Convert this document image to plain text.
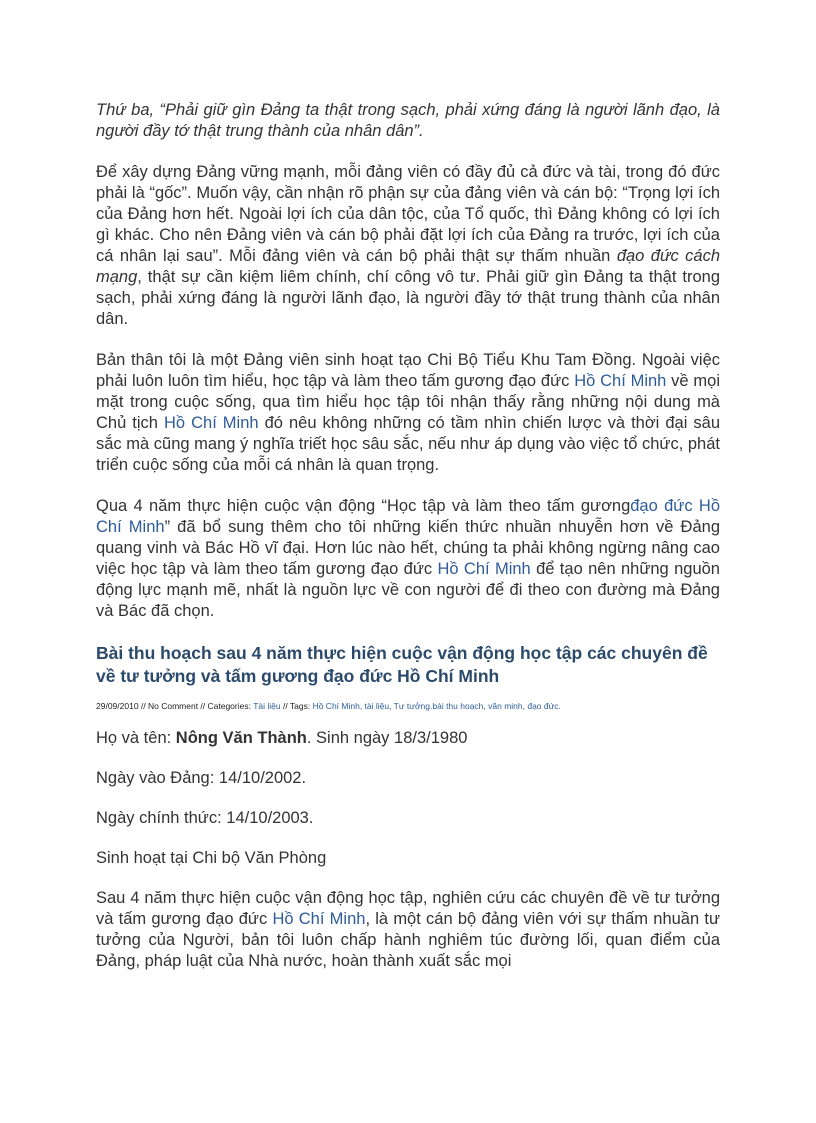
Thứ ba, “Phải giữ gìn Đảng ta thật trong sạch, phải xứng đáng là người lãnh đạo, là người đầy tớ thật trung thành của nhân dân”.

Để xây dựng Đảng vững mạnh, mỗi đảng viên có đầy đủ cả đức và tài, trong đó đức phải là “gốc”. Muốn vậy, cần nhận rõ phận sự của đảng viên và cán bộ: “Trọng lợi ích của Đảng hơn hết. Ngoài lợi ích của dân tộc, của Tổ quốc, thì Đảng không có lợi ích gì khác. Cho nên Đảng viên và cán bộ phải đặt lợi ích của Đảng ra trước, lợi ích của cá nhân lại sau”. Mỗi đảng viên và cán bộ phải thật sự thấm nhuần đạo đức cách mạng, thật sự cần kiệm liêm chính, chí công vô tư. Phải giữ gìn Đảng ta thật trong sạch, phải xứng đáng là người lãnh đạo, là người đầy tớ thật trung thành của nhân dân.

Bản thân tôi là một Đảng viên sinh hoạt tạo Chi Bộ Tiểu Khu Tam Đồng. Ngoài việc phải luôn luôn tìm hiểu, học tập và làm theo tấm gương đạo đức Hồ Chí Minh về mọi mặt trong cuộc sống, qua tìm hiểu học tập tôi nhận thấy rằng những nội dung mà Chủ tịch Hồ Chí Minh đó nêu không những có tầm nhìn chiến lược và thời đại sâu sắc mà cũng mang ý nghĩa triết học sâu sắc, nếu như áp dụng vào việc tổ chức, phát triển cuộc sống của mỗi cá nhân là quan trọng.

Qua 4 năm thực hiện cuộc vận động “Học tập và làm theo tấm gươngđạo đức Hồ Chí Minh” đã bổ sung thêm cho tôi những kiến thức nhuần nhuyễn hơn về Đảng quang vinh và Bác Hồ vĩ đại. Hơn lúc nào hết, chúng ta phải không ngừng nâng cao việc học tập và làm theo tấm gương đạo đức Hồ Chí Minh để tạo nên những nguồn động lực mạnh mẽ, nhất là nguồn lực về con người để đi theo con đường mà Đảng và Bác đã chọn.

Bài thu hoạch sau 4 năm thực hiện cuộc vận động học tập các chuyên đề về tư tưởng và tấm gương đạo đức Hồ Chí Minh

29/09/2010 // No Comment // Categories: Tài liệu // Tags: Hồ Chí Minh, tài liệu, Tư tưởng.bài thu hoạch, văn minh, đạo đức.

Họ và tên: Nông Văn Thành. Sinh ngày 18/3/1980

Ngày vào Đảng: 14/10/2002.

Ngày chính thức: 14/10/2003.

Sinh hoạt tại Chi bộ Văn Phòng

Sau 4 năm thực hiện cuộc vận động học tập, nghiên cứu các chuyên đề về tư tưởng và tấm gương đạo đức Hồ Chí Minh, là một cán bộ đảng viên với sự thấm nhuần tư tưởng của Người, bản tôi luôn chấp hành nghiêm túc đường lối, quan điểm của Đảng, pháp luật của Nhà nước, hoàn thành xuất sắc mọi
